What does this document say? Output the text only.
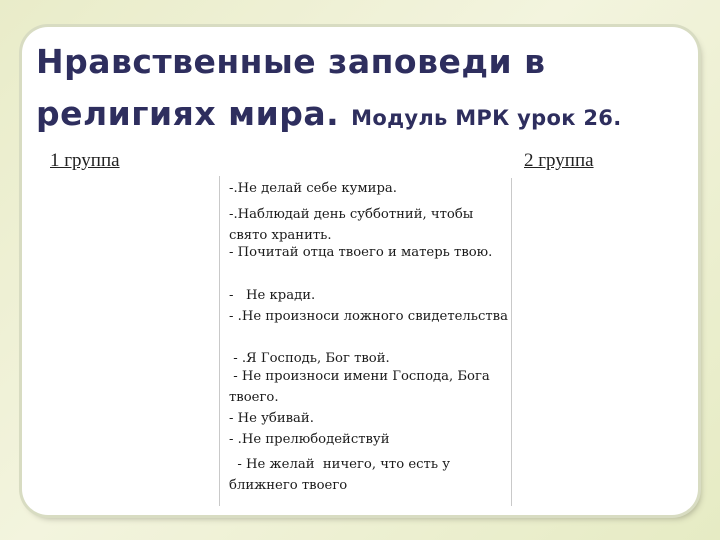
Нравственные заповеди в религиях мира. Модуль МРК урок 26.
1 группа	2 группа
-.Не делай себе кумира.
-.Наблюдай день субботний, чтобы свято хранить.
- Почитай отца твоего и матерь твою.
-   Не кради.
- .Не произноси ложного свидетельства
- .Я Господь, Бог твой.
- Не произноси имени Господа, Бога твоего.
- Не убивай.
- .Не прелюбодействуй
- Не желай  ничего, что есть у ближнего твоего
